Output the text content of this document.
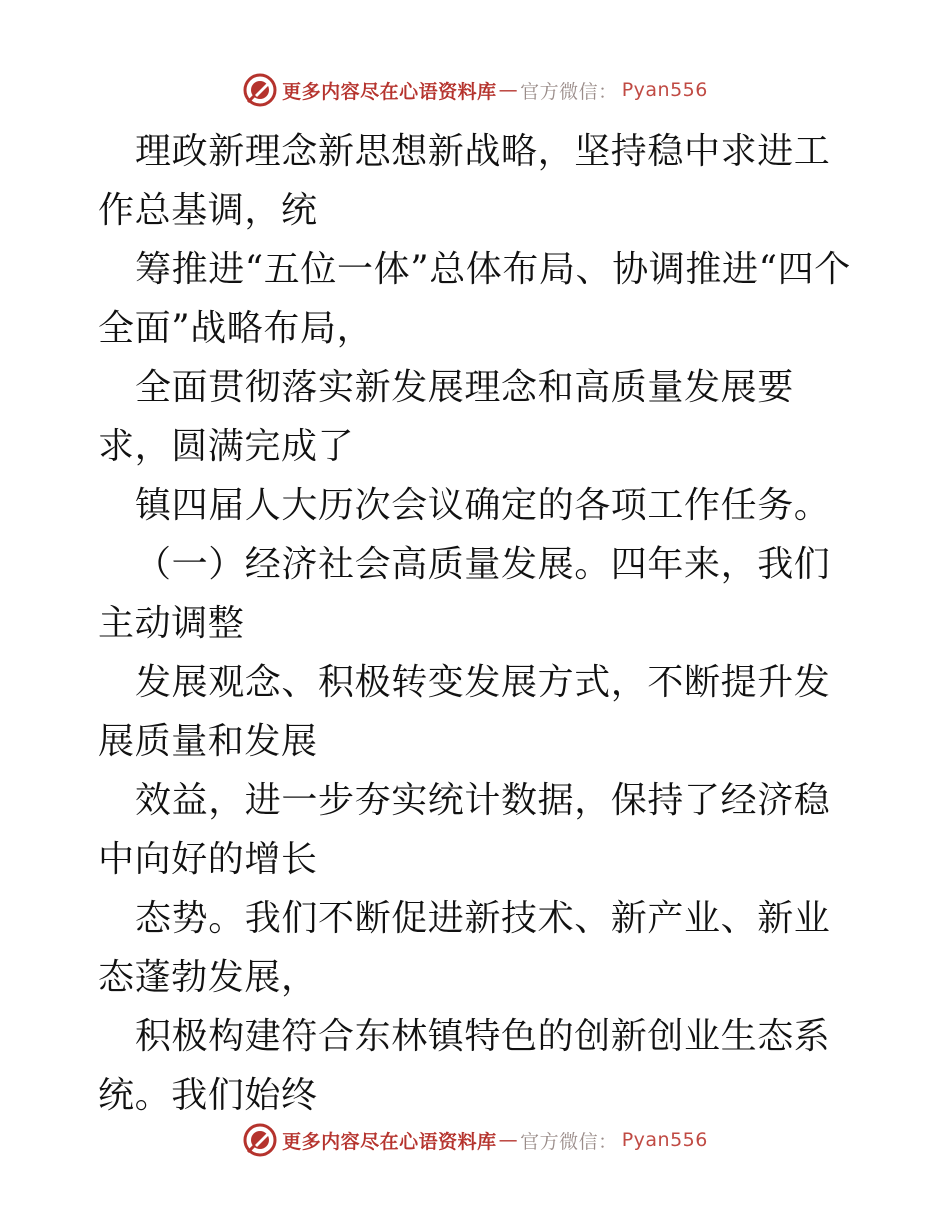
更多内容尽在心语资料库 — 官方微信： Pyan556

理政新理念新思想新战略，坚持稳中求进工作总基调，统

筹推进“五位一体”总体布局、协调推进“四个全面”战略布局，

全面贯彻落实新发展理念和高质量发展要求，圆满完成了

镇四届人大历次会议确定的各项工作任务。

（一）经济社会高质量发展。四年来，我们主动调整

发展观念、积极转变发展方式，不断提升发展质量和发展

效益，进一步夯实统计数据，保持了经济稳中向好的增长

态势。我们不断促进新技术、新产业、新业态蓬勃发展，

积极构建符合东林镇特色的创新创业生态系统。我们始终

更多内容尽在心语资料库 — 官方微信： Pyan556
